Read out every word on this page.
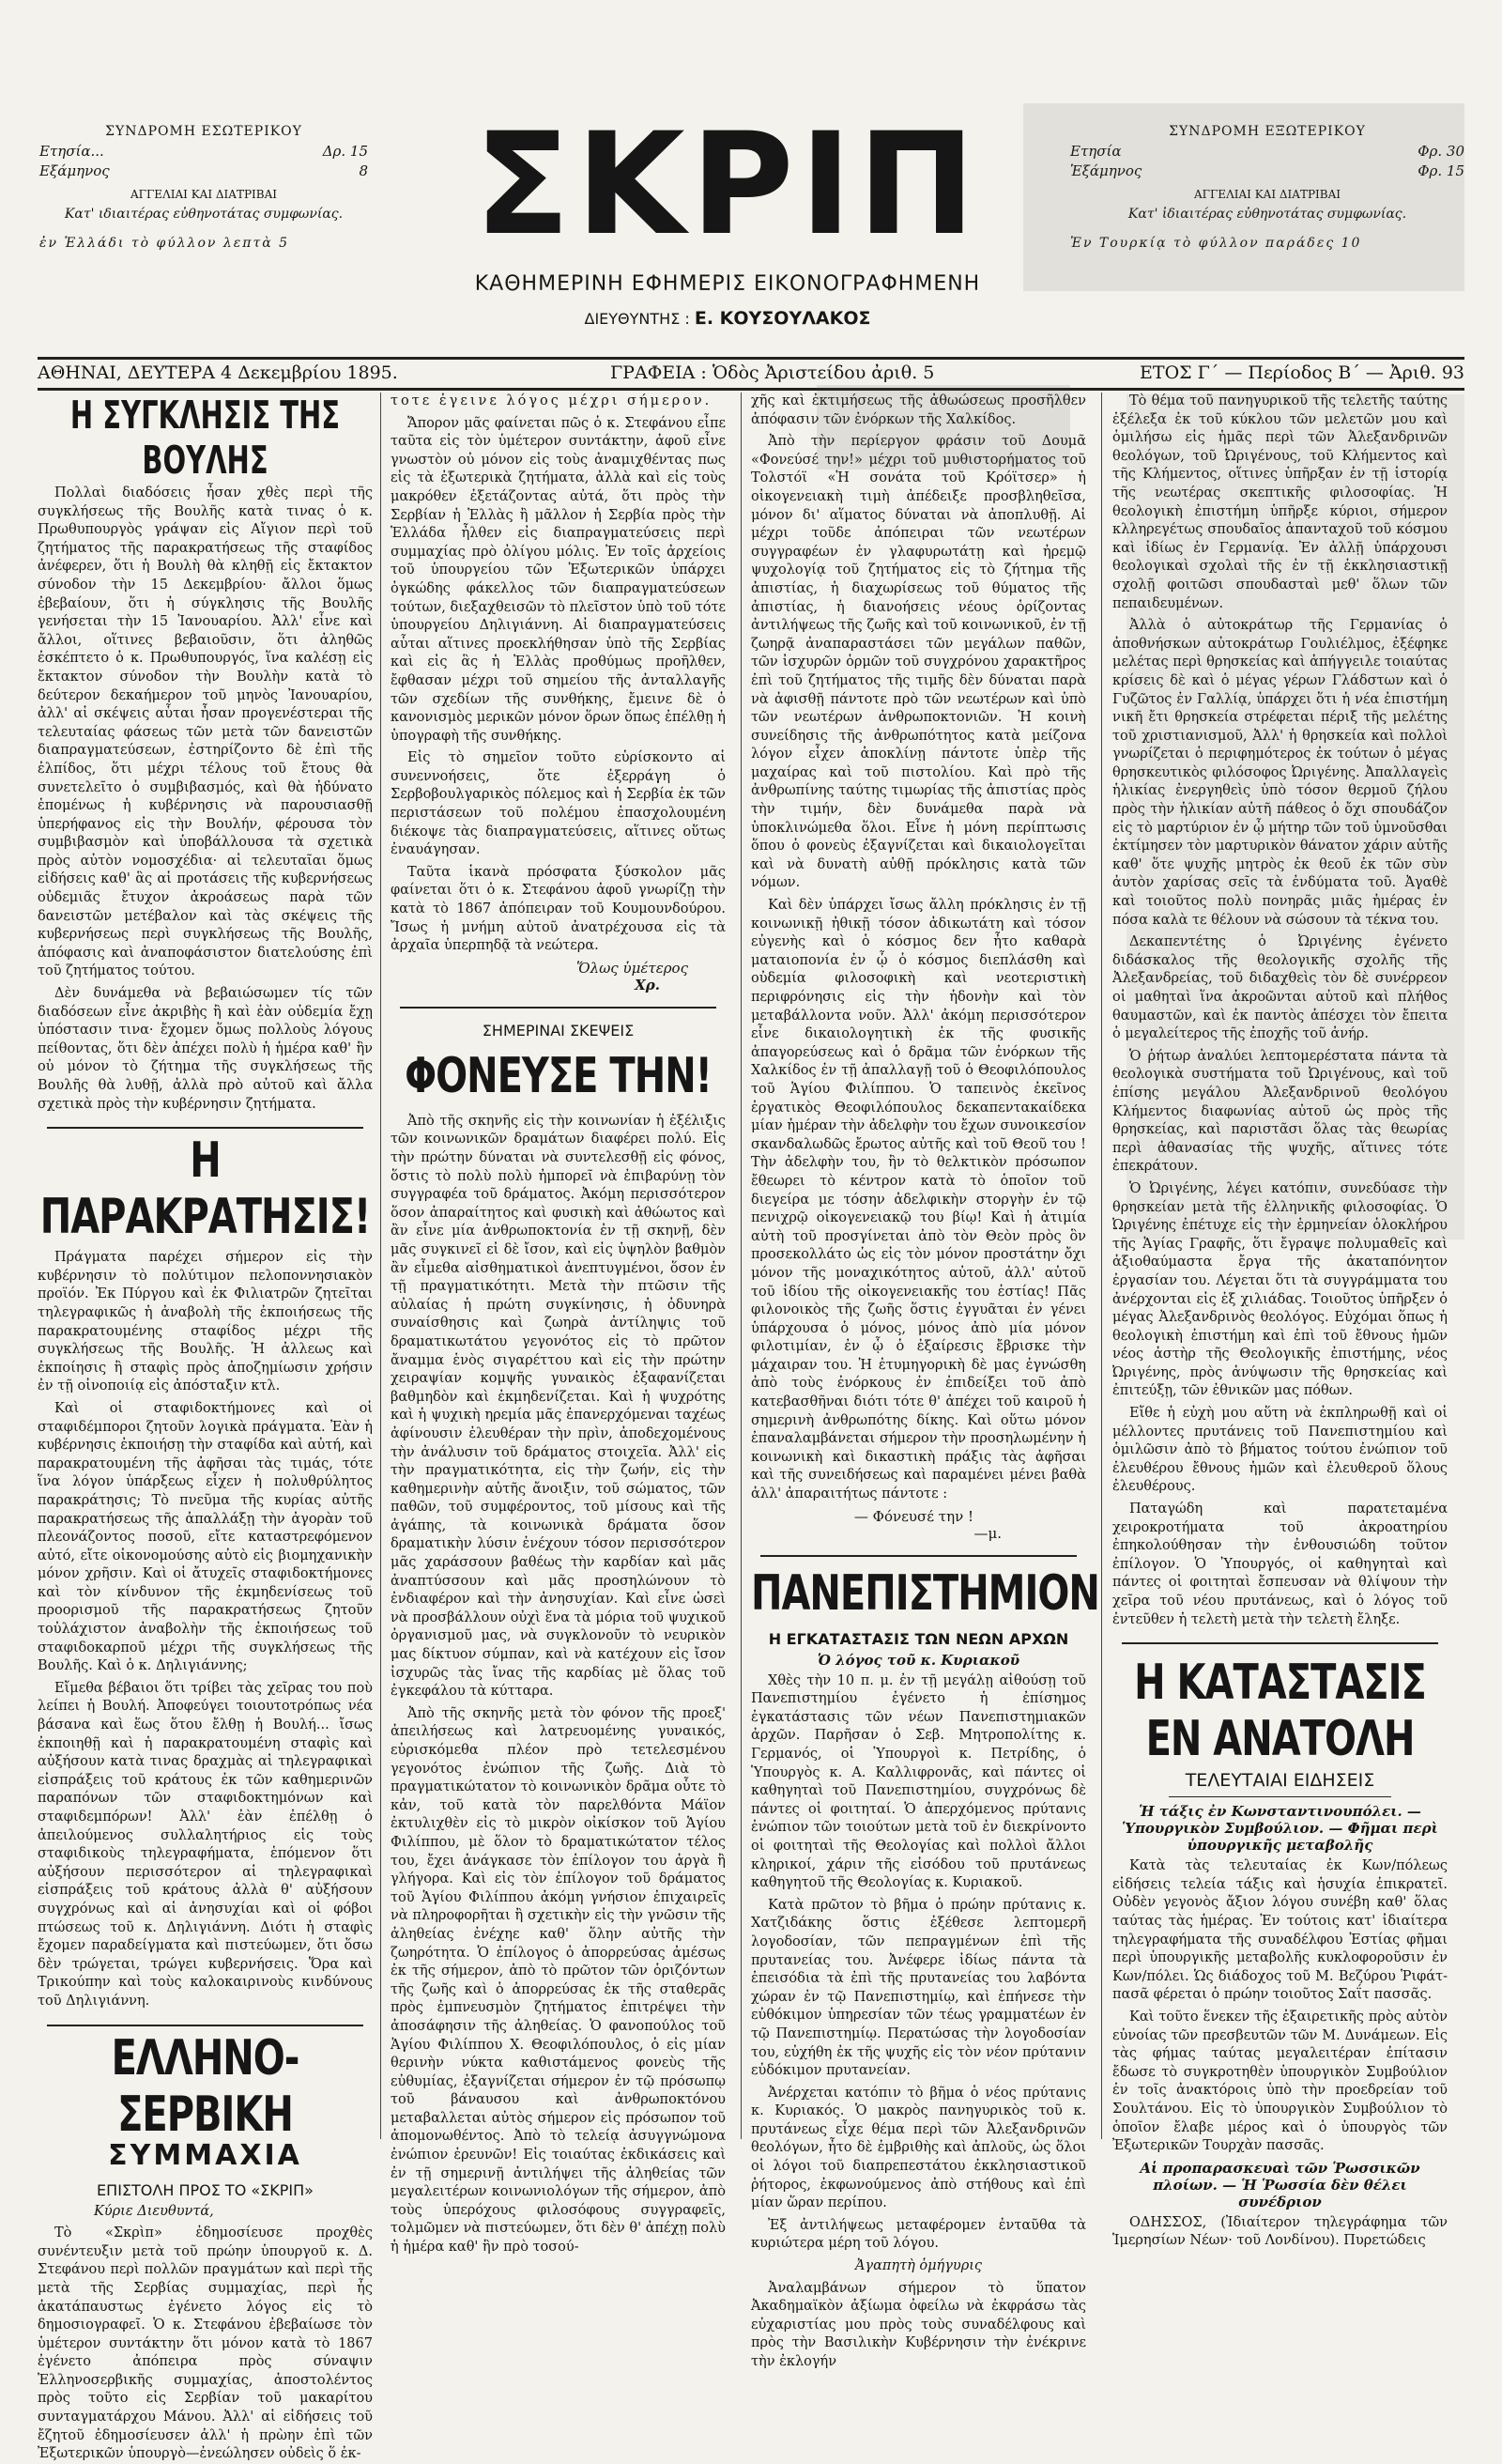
ΣΥΝΔΡΟΜΗ ΕΣΩΤΕΡΙΚΟΥ
Ετησία...	Δρ. 15
Εξάμηνος	8
ΑΓΓΕΛΙΑΙ ΚΑΙ ΔΙΑΤΡΙΒΑΙ
Κατ' ιδιαιτέρας εὐθηνοτάτας συμφωνίας.
ἐν Ἑλλάδι τὸ φύλλον λεπτὰ 5	ΣΚΡΙΠ
ΚΑΘΗΜΕΡΙΝΗ ΕΦΗΜΕΡΙΣ ΕΙΚΟΝΟΓΡΑΦΗΜΕΝΗ
ΔΙΕΥΘΥΝΤΗΣ : Ε. ΚΟΥΣΟΥΛΑΚΟΣ
ΣΥΝΔΡΟΜΗ ΕΞΩΤΕΡΙΚΟΥ
Ετησία	Φρ. 30
Ἑξάμηνος	Φρ. 15
ΑΓΓΕΛΙΑΙ ΚΑΙ ΔΙΑΤΡΙΒΑΙ
Κατ' ἰδιαιτέρας εὐθηνοτάτας συμφωνίας.
Ἐν Τουρκίᾳ τὸ φύλλον παράδες 10
ΑΘΗΝΑΙ, ΔΕΥΤΕΡΑ 4 Δεκεμβρίου 1895.	ΓΡΑΦΕΙΑ : Ὁδὸς Ἀριστείδου ἀριθ. 5	ΕΤΟΣ Γ΄ — Περίοδος Β΄ — Ἀριθ. 93
Η ΣΥΓΚΛΗΣΙΣ ΤΗΣ ΒΟΥΛΗΣ

Πολλαὶ διαδόσεις ἦσαν χθὲς περὶ τῆς συγκλήσεως τῆς Βουλῆς κατὰ τινας ὁ κ. Πρωθυπουργὸς γράψαν εἰς Αἴγιον περὶ τοῦ ζητήματος τῆς παρακρατήσεως τῆς σταφίδος ἀνέφερεν, ὅτι ἡ Βουλὴ θὰ κληθῇ εἰς ἔκτακτον σύνοδον τὴν 15 Δεκεμβρίου· ἄλλοι ὅμως ἐβεβαίουν, ὅτι ἡ σύγκλησις τῆς Βουλῆς γενήσεται τὴν 15 Ἰανουαρίου. Ἀλλ' εἶνε καὶ ἄλλοι, οἵτινες βεβαιοῦσιν, ὅτι ἀληθῶς ἐσκέπτετο ὁ κ. Πρωθυπουργός, ἵνα καλέσῃ εἰς ἔκτακτον σύνοδον τὴν Βουλὴν κατὰ τὸ δεύτερον δεκαήμερον τοῦ μηνὸς Ἰανουαρίου, ἀλλ' αἱ σκέψεις αὗται ἦσαν προγενέστεραι τῆς τελευταίας φάσεως τῶν μετὰ τῶν δανειστῶν διαπραγματεύσεων, ἐστηρίζοντο δὲ ἐπὶ τῆς ἐλπίδος, ὅτι μέχρι τέλους τοῦ ἔτους θὰ συνετελεῖτο ὁ συμβιβασμός, καὶ θὰ ἠδύνατο ἑπομένως ἡ κυβέρνησις νὰ παρουσιασθῇ ὑπερήφανος εἰς τὴν Βουλήν, φέρουσα τὸν συμβιβασμὸν καὶ ὑποβάλλουσα τὰ σχετικὰ πρὸς αὐτὸν νομοσχέδια· αἱ τελευταῖαι ὅμως εἰδήσεις καθ' ἃς αἱ προτάσεις τῆς κυβερνήσεως οὐδεμιᾶς ἔτυχον ἀκροάσεως παρὰ τῶν δανειστῶν μετέβαλον καὶ τὰς σκέψεις τῆς κυβερνήσεως περὶ συγκλήσεως τῆς Βουλῆς, ἀπόφασις καὶ ἀναποφάσιστον διατελούσης ἐπὶ τοῦ ζητήματος τούτου.

Δὲν δυνάμεθα νὰ βεβαιώσωμεν τίς τῶν διαδόσεων εἶνε ἀκριβὴς ἢ καὶ ἐὰν οὐδεμία ἔχῃ ὑπόστασιν τινα· ἔχομεν ὅμως πολλοὺς λόγους πείθοντας, ὅτι δὲν ἀπέχει πολὺ ἡ ἡμέρα καθ' ἣν οὐ μόνον τὸ ζήτημα τῆς συγκλήσεως τῆς Βουλῆς θὰ λυθῇ, ἀλλὰ πρὸ αὐτοῦ καὶ ἄλλα σχετικὰ πρὸς τὴν κυβέρνησιν ζητήματα.

Η ΠΑΡΑΚΡΑΤΗΣΙΣ!

Πράγματα παρέχει σήμερον εἰς τὴν κυβέρνησιν τὸ πολύτιμον πελοποννησιακὸν προϊόν. Ἐκ Πύργου καὶ ἐκ Φιλιατρῶν ζητεῖται τηλεγραφικῶς ἡ ἀναβολὴ τῆς ἐκποιήσεως τῆς παρακρατουμένης σταφίδος μέχρι τῆς συγκλήσεως τῆς Βουλῆς. Ἡ ἀλλεως καὶ ἐκποίησις ἢ σταφὶς πρὸς ἀποζημίωσιν χρήσιν ἐν τῇ οἰνοποιίᾳ εἰς ἀπόσταξιν κτλ.

Καὶ οἱ σταφιδοκτήμονες καὶ οἱ σταφιδέμποροι ζητοῦν λογικὰ πράγματα. Ἐὰν ἡ κυβέρνησις ἐκποιήσῃ τὴν σταφίδα καὶ αὐτή, καὶ παρακρατουμένη τῆς ἀφῆσαι τὰς τιμάς, τότε ἵνα λόγον ὑπάρξεως εἶχεν ἡ πολυθρύλητος παρακράτησις; Τὸ πνεῦμα τῆς κυρίας αὐτῆς παρακρατήσεως τῆς ἀπαλλάξῃ τὴν ἀγορὰν τοῦ πλεονάζοντος ποσοῦ, εἴτε καταστρεφόμενον αὐτό, εἴτε οἰκονομούσης αὐτὸ εἰς βιομηχανικὴν μόνον χρῆσιν. Καὶ οἱ ἄτυχεῖς σταφιδοκτήμονες καὶ τὸν κίνδυνον τῆς ἐκμηδενίσεως τοῦ προορισμοῦ τῆς παρακρατήσεως ζητοῦν τοὐλάχιστον ἀναβολὴν τῆς ἐκποιήσεως τοῦ σταφιδοκαρποῦ μέχρι τῆς συγκλήσεως τῆς Βουλῆς. Καὶ ὁ κ. Δηλιγιάννης;

Εἴμεθα βέβαιοι ὅτι τρίβει τὰς χεῖρας του ποὺ λείπει ἡ Βουλή. Ἀποφεύγει τοιουτοτρόπως νέα βάσανα καὶ ἕως ὅτου ἔλθῃ ἡ Βουλή... ἴσως ἐκποιηθῇ καὶ ἡ παρακρατουμένη σταφὶς καὶ αὐξήσουν κατὰ τινας δραχμὰς αἱ τηλεγραφικαὶ εἰσπράξεις τοῦ κράτους ἐκ τῶν καθημερινῶν παραπόνων τῶν σταφιδοκτημόνων καὶ σταφιδεμπόρων! Ἀλλ' ἐὰν ἐπέλθῃ ὁ ἀπειλούμενος συλλαλητήριος εἰς τοὺς σταφιδικοὺς τηλεγραφήματα, ἑπόμενον ὅτι αὐξήσουν περισσότερον αἱ τηλεγραφικαὶ εἰσπράξεις τοῦ κράτους ἀλλὰ θ' αὐξήσουν συγχρόνως καὶ αἱ ἀνησυχίαι καὶ οἱ φόβοι πτώσεως τοῦ κ. Δηλιγιάννη. Διότι ἡ σταφὶς ἔχομεν παραδείγματα καὶ πιστεύωμεν, ὅτι ὅσω δὲν τρώγεται, τρώγει κυβερνήσεις. Ὅρα καὶ Τρικούπην καὶ τοὺς καλοκαιρινοὺς κινδύνους τοῦ Δηλιγιάννη.

ΕΛΛΗΝΟ-ΣΕΡΒΙΚΗ
ΣΥΜΜΑΧΙΑ
ΕΠΙΣΤΟΛΗ ΠΡΟΣ ΤΟ «ΣΚΡΙΠ»

Κύριε Διευθυντά,

Τὸ «Σκρὶπ» ἐδημοσίευσε προχθὲς συνέντευξιν μετὰ τοῦ πρώην ὑπουργοῦ κ. Δ. Στεφάνου περὶ πολλῶν πραγμάτων καὶ περὶ τῆς μετὰ τῆς Σερβίας συμμαχίας, περὶ ἧς ἀκατάπαυστως ἐγένετο λόγος εἰς τὸ δημοσιογραφεῖ. Ὁ κ. Στεφάνου ἐβεβαίωσε τὸν ὑμέτερον συντάκτην ὅτι μόνον κατὰ τὸ 1867 ἐγένετο ἀπόπειρα πρὸς σύναψιν Ἑλληνοσερβικῆς συμμαχίας, ἀποστολέντος πρὸς τοῦτο εἰς Σερβίαν τοῦ μακαρίτου συνταγματάρχου Μάνου. Ἀλλ' αἱ εἰδήσεις τοῦ ἔζητοῦ ἐδημοσίευσεν ἀλλ' ἡ πρὼην ἐπὶ τῶν Ἐξωτερικῶν ὑπουργὸ—ἐνεώλησεν οὐδεὶς ὅ ἐκ-

τοτε ἐγεινε λόγος μέχρι σήμερον.

Ἄπορον μᾶς φαίνεται πῶς ὁ κ. Στεφάνου εἶπε ταῦτα εἰς τὸν ὑμέτερον συντάκτην, ἀφοῦ εἶνε γνωστὸν οὐ μόνον εἰς τοὺς ἀναμιχθέντας πως εἰς τὰ ἐξωτερικὰ ζητήματα, ἀλλὰ καὶ εἰς τοὺς μακρόθεν ἐξετάζοντας αὐτά, ὅτι πρὸς τὴν Σερβίαν ἡ Ἑλλὰς ἢ μᾶλλον ἡ Σερβία πρὸς τὴν Ἑλλάδα ἦλθεν εἰς διαπραγματεύσεις περὶ συμμαχίας πρὸ ὀλίγου μόλις. Ἐν τοῖς ἀρχείοις τοῦ ὑπουργείου τῶν Ἐξωτερικῶν ὑπάρχει ὀγκώδης φάκελλος τῶν διαπραγματεύσεων τούτων, διεξαχθεισῶν τὸ πλεῖστον ὑπὸ τοῦ τότε ὑπουργείου Δηλιγιάννη. Αἱ διαπραγματεύσεις αὗται αἵτινες προεκλήθησαν ὑπὸ τῆς Σερβίας καὶ εἰς ἃς ἡ Ἑλλὰς προθύμως προῆλθεν, ἔφθασαν μέχρι τοῦ σημείου τῆς ἀνταλλαγῆς τῶν σχεδίων τῆς συνθήκης, ἔμεινε δὲ ὁ κανονισμὸς μερικῶν μόνον ὅρων ὅπως ἐπέλθῃ ἡ ὑπογραφὴ τῆς συνθήκης.

Εἰς τὸ σημεῖον τοῦτο εὑρίσκοντο αἱ συνεννοήσεις, ὅτε ἐξερράγη ὁ Σερβοβουλγαρικὸς πόλεμος καὶ ἡ Σερβία ἐκ τῶν περιστάσεων τοῦ πολέμου ἐπασχολουμένη διέκοψε τὰς διαπραγματεύσεις, αἵτινες οὕτως ἐναυάγησαν.

Ταῦτα ἱκανὰ πρόσφατα ξύσκολον μᾶς φαίνεται ὅτι ὁ κ. Στεφάνου ἀφοῦ γνωρίζῃ τὴν κατὰ τὸ 1867 ἀπόπειραν τοῦ Κουμουνδούρου. Ἴσως ἡ μνήμη αὐτοῦ ἀνατρέχουσα εἰς τὰ ἀρχαῖα ὑπερπηδᾷ τὰ νεώτερα.

Ὅλως ὑμέτερος
Χρ.
ΣΗΜΕΡΙΝΑΙ ΣΚΕΨΕΙΣ
ΦΟΝΕΥΣΕ ΤΗΝ!

Ἀπὸ τῆς σκηνῆς εἰς τὴν κοινωνίαν ἡ ἐξέλιξις τῶν κοινωνικῶν δραμάτων διαφέρει πολύ. Εἰς τὴν πρώτην δύναται νὰ συντελεσθῇ εἰς φόνος, ὅστις τὸ πολὺ πολὺ ἠμπορεῖ νὰ ἐπιβαρύνῃ τὸν συγγραφέα τοῦ δράματος. Ἀκόμη περισσότερον ὅσον ἀπαραίτητος καὶ φυσικὴ καὶ ἀθώωτος καὶ ἂν εἶνε μία ἀνθρωποκτονία ἐν τῇ σκηνῇ, δὲν μᾶς συγκινεῖ εἰ δὲ ἴσον, καὶ εἰς ὑψηλὸν βαθμὸν ἂν εἶμεθα αἰσθηματικοὶ ἀνεπτυγμένοι, ὅσον ἐν τῇ πραγματικότητι. Μετὰ τὴν πτῶσιν τῆς αὐλαίας ἡ πρώτη συγκίνησις, ἡ ὀδυνηρὰ συναίσθησις καὶ ζωηρὰ ἀντίληψις τοῦ δραματικωτάτου γεγονότος εἰς τὸ πρῶτον ἄναμμα ἑνὸς σιγαρέττου καὶ εἰς τὴν πρώτην χειραψίαν κομψῆς γυναικὸς ἐξαφανίζεται βαθμηδὸν καὶ ἐκμηδενίζεται. Καὶ ἡ ψυχρότης καὶ ἡ ψυχικὴ ηρεμία μᾶς ἐπανερχόμεναι ταχέως ἀφίνουσιν ἐλευθέραν τὴν πρὶν, ἀποδεχομένους τὴν ἀνάλυσιν τοῦ δράματος στοιχεῖα. Ἀλλ' εἰς τὴν πραγματικότητα, εἰς τὴν ζωήν, εἰς τὴν καθημερινὴν αὐτῆς ἄνοιξιν, τοῦ σώματος, τῶν παθῶν, τοῦ συμφέροντος, τοῦ μίσους καὶ τῆς ἀγάπης, τὰ κοινωνικὰ δράματα ὅσον δραματικὴν λύσιν ἐνέχουν τόσον περισσότερον μᾶς χαράσσουν βαθέως τὴν καρδίαν καὶ μᾶς ἀναπτύσσουν καὶ μᾶς προσηλώνουν τὸ ἐνδιαφέρον καὶ τὴν ἀνησυχίαν. Καὶ εἶνε ὡσεὶ νὰ προσβάλλουν οὐχὶ ἕνα τὰ μόρια τοῦ ψυχικοῦ ὀργανισμοῦ μας, νὰ συγκλονοῦν τὸ νευρικὸν μας δίκτυον σύμπαν, καὶ νὰ κατέχουν εἰς ἴσον ἰσχυρῶς τὰς ἴνας τῆς καρδίας μὲ ὅλας τοῦ ἐγκεφάλου τὰ κύτταρα.

Ἀπὸ τῆς σκηνῆς μετὰ τὸν φόνον τῆς προεξ' ἀπειλήσεως καὶ λατρευομένης γυναικός, εὐρισκόμεθα πλέον πρὸ τετελεσμένου γεγονότος ἐνώπιον τῆς ζωῆς. Διὰ τὸ πραγματικώτατον τὸ κοινωνικὸν δρᾶμα οὗτε τὸ κἀν, τοῦ κατὰ τὸν παρελθόντα Μάϊον ἐκτυλιχθὲν εἰς τὸ μικρὸν οἰκίσκον τοῦ Ἁγίου Φιλίππου, μὲ ὅλον τὸ δραματικώτατον τέλος του, ἔχει ἀνάγκασε τὸν ἐπίλογον του ἀργὰ ἢ γλήγορα. Καὶ εἰς τὸν ἐπίλογον τοῦ δράματος τοῦ Ἁγίου Φιλίππου ἀκόμη γνήσιον ἐπιχαιρεῖς νὰ πληροφορῆται ἢ σχετικὴν εἰς τὴν γνῶσιν τῆς ἀληθείας ἐνέχηε καθ' ὅλην αὐτῆς τὴν ζωηρότητα. Ὁ ἐπίλογος ὁ ἀπορρεύσας ἀμέσως ἐκ τῆς σήμερον, ἀπὸ τὸ πρῶτον τῶν ὁριζόντων τῆς ζωῆς καὶ ὁ ἀπορρεύσας ἐκ τῆς σταθερᾶς πρὸς ἐμπνευσμὸν ζητήματος ἐπιτρέψει τὴν ἀποσάφησιν τῆς ἀληθείας. Ὁ φανοπούλος τοῦ Ἁγίου Φιλίππου Χ. Θεοφιλόπουλος, ὁ εἰς μίαν θερινὴν νύκτα καθιστάμενος φονεὺς τῆς εὐθυμίας, ἐξαγνίζεται σήμερον ἐν τῷ πρόσωπῳ τοῦ βάναυσου καὶ ἀνθρωποκτόνου μεταβαλλεται αὐτὸς σήμερον εἰς πρόσωπον τοῦ ἀπομονωθέντος. Ἀπὸ τὸ τελείᾳ ἀσυγγνώμονα ἐνώπιον ἐρευνῶν! Εἰς τοιαύτας ἐκδικάσεις καὶ ἐν τῇ σημερινῇ ἀντιλήψει τῆς ἀληθείας τῶν μεγαλειτέρων κοινωνιολόγων τῆς σήμερον, ἀπὸ τοὺς ὑπερόχους φιλοσόφους συγγραφεῖς, τολμῶμεν νὰ πιστεύωμεν, ὅτι δὲν θ' ἀπέχῃ πολὺ ἡ ἡμέρα καθ' ἣν πρὸ τοσού-

χῆς καὶ ἐκτιμήσεως τῆς ἀθωώσεως προσῆλθεν ἀπόφασιν τῶν ἐνόρκων τῆς Χαλκίδος.

Ἀπὸ τὴν περίεργον φράσιν τοῦ Δουμᾶ «Φονεύσέ την!» μέχρι τοῦ μυθιστορήματος τοῦ Τολστόϊ «Ἡ σονάτα τοῦ Κρόϊτσερ» ἡ οἰκογενειακὴ τιμὴ ἀπέδειξε προσβληθεῖσα, μόνον δι' αἵματος δύναται νὰ ἀποπλυθῇ. Αἱ μέχρι τοῦδε ἀπόπειραι τῶν νεωτέρων συγγραφέων ἐν γλαφυρωτάτῃ καὶ ἠρεμῷ ψυχολογίᾳ τοῦ ζητήματος εἰς τὸ ζήτημα τῆς ἀπιστίας, ἡ διαχωρίσεως τοῦ θύματος τῆς ἀπιστίας, ἡ διανοήσεις νέους ὁρίζοντας ἀντιλήψεως τῆς ζωῆς καὶ τοῦ κοινωνικοῦ, ἐν τῇ ζωηρᾷ ἀναπαραστάσει τῶν μεγάλων παθῶν, τῶν ἰσχυρῶν ὁρμῶν τοῦ συγχρόνου χαρακτῆρος ἐπὶ τοῦ ζητήματος τῆς τιμῆς δὲν δύναται παρὰ νὰ ἀφισθῇ πάντοτε πρὸ τῶν νεωτέρων καὶ ὑπὸ τῶν νεωτέρων ἀνθρωποκτονιῶν. Ἡ κοινὴ συνείδησις τῆς ἀνθρωπότητος κατὰ μείζονα λόγον εἶχεν ἀποκλίνῃ πάντοτε ὑπὲρ τῆς μαχαίρας καὶ τοῦ πιστολίου. Καὶ πρὸ τῆς ἀνθρωπίνης ταύτης τιμωρίας τῆς ἀπιστίας πρὸς τὴν τιμήν, δὲν δυνάμεθα παρὰ νὰ ὑποκλινώμεθα ὅλοι. Εἶνε ἡ μόνη περίπτωσις ὅπου ὁ φονεὺς ἐξαγνίζεται καὶ δικαιολογεῖται καὶ νὰ δυνατὴ αὐθῇ πρόκλησις κατὰ τῶν νόμων.

Καὶ δὲν ὑπάρχει ἴσως ἄλλη πρόκλησις ἐν τῇ κοινωνικῇ ἠθικῇ τόσον ἀδικωτάτη καὶ τόσον εὐγενὴς καὶ ὁ κόσμος δεν ἦτο καθαρὰ ματαιοπονία ἐν ᾧ ὁ κόσμος διεπλάσθη καὶ οὐδεμία φιλοσοφικὴ καὶ νεοτεριστικὴ περιφρόνησις εἰς τὴν ἡδονὴν καὶ τὸν μεταβάλλοντα νοῦν. Ἀλλ' ἀκόμη περισσότερον εἶνε δικαιολογητικὴ ἐκ τῆς φυσικῆς ἀπαγορεύσεως καὶ ὁ δρᾶμα τῶν ἐνόρκων τῆς Χαλκίδος ἐν τῇ ἀπαλλαγῇ τοῦ ὁ Θεοφιλόπουλος τοῦ Ἁγίου Φιλίππου. Ὁ ταπεινὸς ἐκεῖνος ἐργατικὸς Θεοφιλόπουλος δεκαπεντακαίδεκα μίαν ἡμέραν τὴν ἀδελφὴν του ἔχων συνοικεσίον σκανδαλωδῶς ἔρωτος αὐτῆς καὶ τοῦ Θεοῦ του ! Τὴν ἀδελφὴν του, ἢν τὸ θελκτικὸν πρόσωπον ἔθεωρει τὸ κέντρον κατὰ τὸ ὁποῖον τοῦ διεγείρα με τόσην ἀδελφικὴν στοργὴν ἐν τῷ πενιχρῷ οἰκογενειακῷ του βίῳ! Καὶ ἡ ἀτιμία αὐτὴ τοῦ προσγίνεται ἀπὸ τὸν Θεὸν πρὸς ὃν προσεκολλάτο ὡς εἰς τὸν μόνον προστάτην ὄχι μόνον τῆς μοναχικότητος αὐτοῦ, ἀλλ' αὐτοῦ τοῦ ἰδίου τῆς οἰκογενειακῆς του ἑστίας! Πᾶς φιλονοικὸς τῆς ζωῆς ὅστις ἐγγυᾶται ἐν γένει ὑπάρχουσα ὁ μόνος, μόνος ἀπὸ μία μόνον φιλοτιμίαν, ἐν ᾧ ὁ ἐξαίρεσις ἔβρισκε τὴν μάχαιραν του. Ἡ ἐτυμηγορικὴ δὲ μας ἐγνώσθη ἀπὸ τοὺς ἐνόρκους ἐν ἐπιδείξει τοῦ ἀπὸ κατεβασθῆναι διότι τότε θ' ἀπέχει τοῦ καιροῦ ἡ σημερινὴ ἀνθρωπότης δίκης. Καὶ οὕτω μόνον ἐπαναλαμβάνεται σήμερον τὴν προσηλωμένην ἡ κοινωνικὴ καὶ δικαστικὴ πράξις τὰς ἀφῆσαι καὶ τῆς συνειδήσεως καὶ παραμένει μένει βαθὰ ἀλλ' ἀπαραιτήτως πάντοτε :

— Φόνευσέ την !
—μ.
ΠΑΝΕΠΙΣΤΗΜΙΟΝ
Η ΕΓΚΑΤΑΣΤΑΣΙΣ ΤΩΝ ΝΕΩΝ ΑΡΧΩΝ
Ὁ λόγος τοῦ κ. Κυριακοῦ

Χθὲς τὴν 10 π. μ. ἐν τῇ μεγάλῃ αἰθούσῃ τοῦ Πανεπιστημίου ἐγένετο ἡ ἐπίσημος ἐγκατάστασις τῶν νέων Πανεπιστημιακῶν ἀρχῶν. Παρῆσαν ὁ Σεβ. Μητροπολίτης κ. Γερμανός, οἱ Ὑπουργοὶ κ. Πετρίδης, ὁ Ὑπουργὸς κ. Α. Καλλιφρονᾶς, καὶ πάντες οἱ καθηγηταὶ τοῦ Πανεπιστημίου, συγχρόνως δὲ πάντες οἱ φοιτηταί. Ὁ ἀπερχόμενος πρύτανις ἐνώπιον τῶν τοιούτων μετὰ τοῦ ἐν διεκρίνοντο οἱ φοιτηταὶ τῆς Θεολογίας καὶ πολλοὶ ἄλλοι κληρικοί, χάριν τῆς εἰσόδου τοῦ πρυτάνεως καθηγητοῦ τῆς Θεολογίας κ. Κυριακοῦ.

Κατὰ πρῶτον τὸ βῆμα ὁ πρώην πρύτανις κ. Χατζιδάκης ὅστις ἐξέθεσε λεπτομερῆ λογοδοσίαν, τῶν πεπραγμένων ἐπὶ τῆς πρυτανείας του. Ἀνέφερε ἰδίως πάντα τὰ ἐπεισόδια τὰ ἐπὶ τῆς πρυτανείας του λαβόντα χώραν ἐν τῷ Πανεπιστημίῳ, καὶ ἐπήνεσε τὴν εὐθόκιμον ὑπηρεσίαν τῶν τέως γραμματέων ἐν τῷ Πανεπιστημίῳ. Περατώσας τὴν λογοδοσίαν του, εὐχήθη ἐκ τῆς ψυχῆς εἰς τὸν νέον πρύτανιν εὐδόκιμον πρυτανείαν.

Ἀνέρχεται κατόπιν τὸ βῆμα ὁ νέος πρύτανις κ. Κυριακός. Ὁ μακρὸς πανηγυρικὸς τοῦ κ. πρυτάνεως εἶχε θέμα περὶ τῶν Ἀλεξανδρινῶν θεολόγων, ἦτο δὲ ἐμβριθὴς καὶ ἀπλοῦς, ὡς ὅλοι οἱ λόγοι τοῦ διαπρεπεστάτου ἐκκλησιαστικοῦ ῥήτορος, ἐκφωνούμενος ἀπὸ στήθους καὶ ἐπὶ μίαν ὥραν περίπου.

Ἐξ ἀντιλήψεως μεταφέρομεν ἐνταῦθα τὰ κυριώτερα μέρη τοῦ λόγου.

Ἀγαπητὴ ὁμήγυρις

Ἀναλαμβάνων σήμερον τὸ ὕπατον Ἀκαδημαϊκὸν ἀξίωμα ὀφείλω νὰ ἐκφράσω τὰς εὐχαριστίας μου πρὸς τοὺς συναδέλφους καὶ πρὸς τὴν Βασιλικὴν Κυβέρνησιν τὴν ἐνέκρινε τὴν ἐκλογήν

Τὸ θέμα τοῦ πανηγυρικοῦ τῆς τελετῆς ταύτης ἐξέλεξα ἐκ τοῦ κύκλου τῶν μελετῶν μου καὶ ὁμιλήσω εἰς ἡμᾶς περὶ τῶν Ἀλεξανδρινῶν θεολόγων, τοῦ Ὠριγένους, τοῦ Κλήμεντος καὶ τῆς Κλήμεντος, οἵτινες ὑπῆρξαν ἐν τῇ ἱστορίᾳ τῆς νεωτέρας σκεπτικῆς φιλοσοφίας. Ἡ θεολογικὴ ἐπιστήμη ὑπῆρξε κύριοι, σήμερον κλληρεγέτως σπουδαῖος ἀπανταχοῦ τοῦ κόσμου καὶ ἰδίως ἐν Γερμανίᾳ. Ἐν ἀλλῇ ὑπάρχουσι θεολογικαὶ σχολαὶ τῆς ἐν τῇ ἐκκλησιαστικῇ σχολῇ φοιτῶσι σπουδασταὶ μεθ' ὅλων τῶν πεπαιδευμένων.

Ἀλλὰ ὁ αὐτοκράτωρ τῆς Γερμανίας ὁ ἀποθνήσκων αὐτοκράτωρ Γουλιέλμος, ἐξέφηκε μελέτας περὶ θρησκείας καὶ ἀπήγγειλε τοιαύτας κρίσεις δὲ καὶ ὁ μέγας γέρων Γλάδστων καὶ ὁ Γυζῶτος ἐν Γαλλίᾳ, ὑπάρχει ὅτι ἡ νέα ἐπιστήμη νικῆ ἔτι θρησκεία στρέφεται πέριξ τῆς μελέτης τοῦ χριστιανισμοῦ, Ἀλλ' ἡ θρησκεία καὶ πολλοὶ γνωρίζεται ὁ περιφημότερος ἐκ τούτων ὁ μέγας θρησκευτικὸς φιλόσοφος Ὠριγένης. Ἀπαλλαγεὶς ἡλικίας ἐνεργηθεὶς ὑπὸ τόσον θερμοῦ ζήλου πρὸς τὴν ἡλικίαν αὐτῆ πάθεος ὁ ὄχι σπουδάζον εἰς τὸ μαρτύριον ἐν ᾧ μήτηρ τῶν τοῦ ὑμνοῦσθαι ἐκτίμησεν τὸν μαρτυρικὸν θάνατον χάριν αὐτῆς καθ' ὅτε ψυχῆς μητρὸς ἐκ θεοῦ ἐκ τῶν σὺν ἀυτὸν χαρίσας σεῖς τὰ ἐνδύματα τοῦ. Ἀγαθὲ καὶ τοιοῦτος πολὺ πονηρᾶς μιᾶς ἡμέρας ἐν πόσα καλὰ τε θέλουν νὰ σώσουν τὰ τέκνα του.

Δεκαπεντέτης ὁ Ὠριγένης ἐγένετο διδάσκαλος τῆς θεολογικῆς σχολῆς τῆς Ἀλεξανδρείας, τοῦ διδαχθεὶς τὸν δὲ συνέρρεον οἱ μαθηταὶ ἵνα ἀκροῶνται αὐτοῦ καὶ πλήθος θαυμαστῶν, καὶ ἐκ παντὸς ἀπέσχει τὸν ἔπειτα ὁ μεγαλείτερος τῆς ἐποχῆς τοῦ ἀνήρ.

Ὁ ῥήτωρ ἀναλύει λεπτομερέστατα πάντα τὰ θεολογικὰ συστήματα τοῦ Ὠριγένους, καὶ τοῦ ἐπίσης μεγάλου Ἀλεξανδρινοῦ θεολόγου Κλήμεντος διαφωνίας αὐτοῦ ὡς πρὸς τῆς θρησκείας, καὶ παριστᾶσι ὅλας τὰς θεωρίας περὶ ἀθανασίας τῆς ψυχῆς, αἵτινες τότε ἐπεκράτουν.

Ὁ Ὠριγένης, λέγει κατόπιν, συνεδύασε τὴν θρησκείαν μετὰ τῆς ἑλληνικῆς φιλοσοφίας. Ὁ Ὠριγένης ἐπέτυχε εἰς τὴν ἑρμηνείαν ὁλοκλήρου τῆς Ἁγίας Γραφῆς, ὅτι ἔγραψε πολυμαθεῖς καὶ ἀξιοθαύμαστα ἔργα τῆς ἀκαταπόνητον ἐργασίαν του. Λέγεται ὅτι τὰ συγγράμματα του ἀνέρχονται εἰς ἑξ χιλιάδας. Τοιοῦτος ὑπῆρξεν ὁ μέγας Ἀλεξανδρινὸς θεολόγος. Εὐχόμαι ὅπως ἡ θεολογικὴ ἐπιστήμη καὶ ἐπὶ τοῦ ἔθνους ἡμῶν νέος ἀστὴρ τῆς Θεολογικῆς ἐπιστήμης, νέος Ὠριγένης, πρὸς ἀνύψωσιν τῆς θρησκείας καὶ ἐπιτεύξῃ, τῶν ἐθνικῶν μας πόθων.

Εἴθε ἡ εὐχὴ μου αὕτη νὰ ἐκπληρωθῇ καὶ οἱ μέλλοντες πρυτάνεις τοῦ Πανεπιστημίου καὶ ὁμιλῶσιν ἀπὸ τὸ βήματος τούτου ἐνώπιον τοῦ ἐλευθέρου ἔθνους ἡμῶν καὶ ἐλευθεροῦ ὅλους ἐλευθέρους.

Παταγώδη καὶ παρατεταμένα χειροκροτήματα τοῦ ἀκροατηρίου ἐπηκολούθησαν τὴν ἐνθουσιώδη τοῦτον ἐπίλογον. Ὁ Ὑπουργός, οἱ καθηγηταὶ καὶ πάντες οἱ φοιτηταὶ ἔσπευσαν νὰ θλίψουν τὴν χεῖρα τοῦ νέου πρυτάνεως, καὶ ὁ λόγος τοῦ ἐντεῦθεν ἡ τελετὴ μετὰ τὴν τελετὴ ἔληξε.

Η ΚΑΤΑΣΤΑΣΙΣ
ΕΝ ΑΝΑΤΟΛΗ
ΤΕΛΕΥΤΑΙΑΙ ΕΙΔΗΣΕΙΣ
Ἡ τάξις ἐν Κωνσταντινουπόλει. — Ὑπουργικὸν Συμβούλιον. — Φῆμαι περὶ ὑπουργικῆς μεταβολῆς

Κατὰ τὰς τελευταίας ἐκ Κων/πόλεως εἰδήσεις τελεία τάξις καὶ ἡσυχία ἐπικρατεῖ. Οὐδὲν γεγονὸς ἄξιον λόγου συνέβη καθ' ὅλας ταύτας τὰς ἡμέρας. Ἐν τούτοις κατ' ἰδιαίτερα τηλεγραφήματα τῆς συναδέλφου Ἑστίας φῆμαι περὶ ὑπουργικῆς μεταβολῆς κυκλοφοροῦσιν ἐν Κων/πόλει. Ὡς διάδοχος τοῦ Μ. Βεζύρου Ῥιφάτ-πασᾶ φέρεται ὁ πρώην τοιοῦτος Σαΐτ πασσᾶς.

Καὶ τοῦτο ἕνεκεν τῆς ἐξαιρετικῆς πρὸς αὐτὸν εὐνοίας τῶν πρεσβευτῶν τῶν Μ. Δυνάμεων. Εἰς τὰς φήμας ταύτας μεγαλειτέραν ἐπίτασιν ἔδωσε τὸ συγκροτηθὲν ὑπουργικὸν Συμβούλιον ἐν τοῖς ἀνακτόροις ὑπὸ τὴν προεδρείαν τοῦ Σουλτάνου. Εἰς τὸ ὑπουργικὸν Συμβούλιον τὸ ὁποῖον ἔλαβε μέρος καὶ ὁ ὑπουργὸς τῶν Ἐξωτερικῶν Τουρχὰν πασσᾶς.

Αἱ προπαρασκευαὶ τῶν Ῥωσσικῶν πλοίων. — Ἡ Ῥωσσία δὲν θέλει συνέδριον

ΟΔΗΣΣΟΣ, (Ἰδιαίτερον τηλεγράφημα τῶν Ἱμερησίων Νέων· τοῦ Λονδίνου). Πυρετώδεις
